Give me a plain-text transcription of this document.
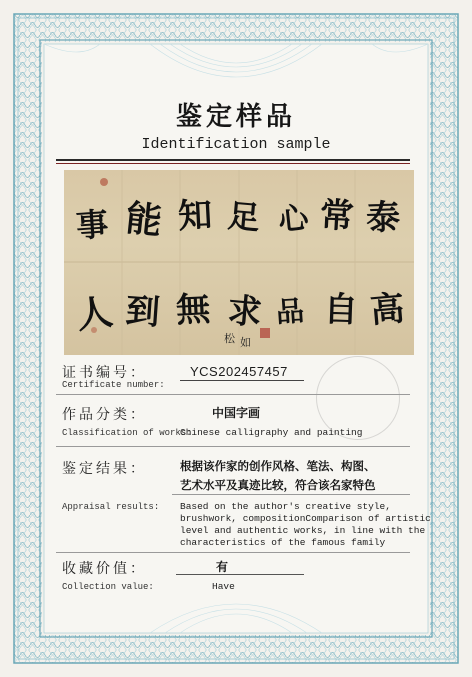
鉴定样品
Identification sample
事 能 知 足 心 常 泰
人 到 無 求 品 自 高
松 如
证书编号：
Certificate number:
YCS202457457
作品分类：	中国字画
Classification of works:
Chinese calligraphy and painting
鉴定结果：	根据该作家的创作风格、笔法、构图、
艺术水平及真迹比较，符合该名家特色
Appraisal results: Based on the author's creative style,
brushwork, compositionComparison of artistic
level and authentic works, in line with the
characteristics of the famous family
收藏价值：	有
Collection value:	Have
